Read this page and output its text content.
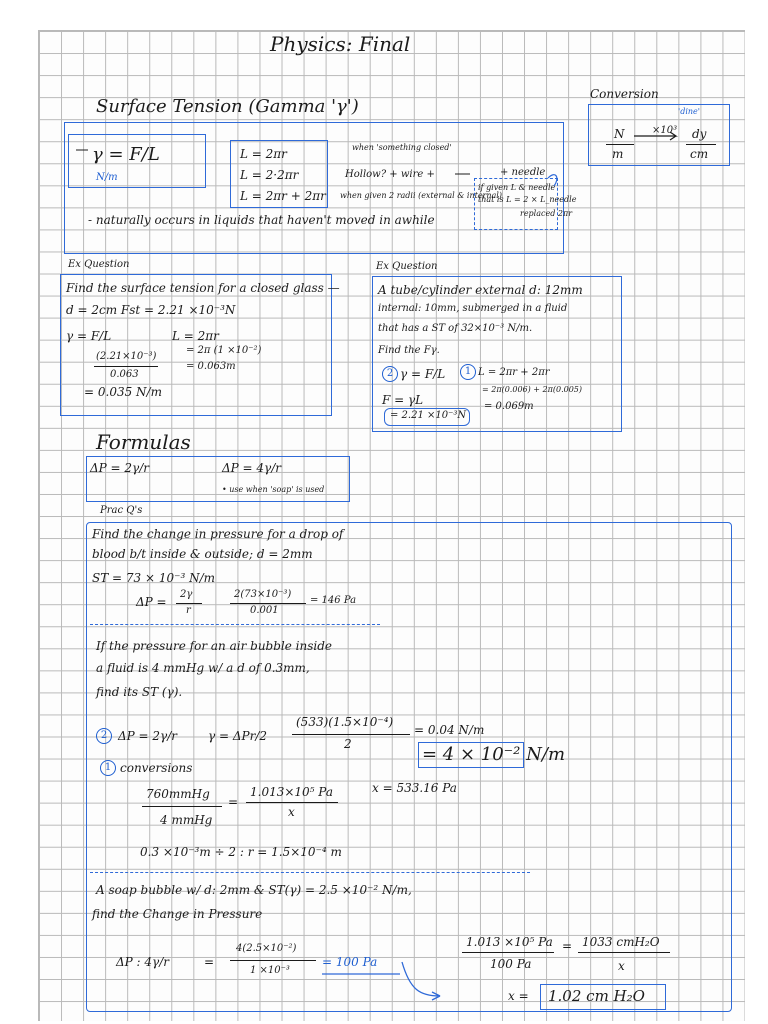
Physics: Final
Surface Tension (Gamma 'γ')
γ = F/L
N/m
L = 2πr
L = 2·2πr
L = 2πr + 2πr
when 'something closed'
Hollow? + wire +	+ needle
when given 2 radii (external & internal)
if given L & needle
that is L = 2 × L_needle
replaced 2πr
- naturally occurs in liquids that haven't moved in awhile
Conversion
'dine'
N
m
×10³ dy
cm
Ex Question
Find the surface tension for a closed glass —
d = 2cm Fst = 2.21 ×10⁻³N
γ = F/L	L = 2πr
= 2π (1 ×10⁻²)
= 0.063m
(2.21×10⁻³)
0.063
= 0.035 N/m
Ex Question
A tube/cylinder external d: 12mm
internal: 10mm, submerged in a fluid
that has a ST of 32×10⁻³ N/m.
Find the Fγ.
2 γ = F/L	1 L = 2πr + 2πr
= 2π(0.006) + 2π(0.005)
= 0.069m
F = γL
= 2.21 ×10⁻³N
Formulas
ΔP = 2γ/r	ΔP = 4γ/r
• use when 'soap' is used
Prac Q's
Find the change in pressure for a drop of
blood b/t inside & outside; d = 2mm
ST = 73 × 10⁻³ N/m
ΔP =
2γ
r
2(73×10⁻³)
0.001
= 146 Pa
If the pressure for an air bubble inside
a fluid is 4 mmHg w/ a d of 0.3mm,
find its ST (γ).
2 ΔP = 2γ/r	γ = ΔPr/2
(533)(1.5×10⁻⁴)
2
= 0.04 N/m
= 4 × 10⁻² N/m
1 conversions
760mmHg
4 mmHg
=
1.013×10⁵ Pa
x
x = 533.16 Pa
0.3 ×10⁻³m ÷ 2 : r = 1.5×10⁻⁴ m
A soap bubble w/ d: 2mm & ST(γ) = 2.5 ×10⁻² N/m,
find the Change in Pressure
ΔP : 4γ/r	=
4(2.5×10⁻²)
1 ×10⁻³
= 100 Pa
1.013 ×10⁵ Pa
100 Pa
= 1033 cmH₂O
x
x = 1.02 cm H₂O
